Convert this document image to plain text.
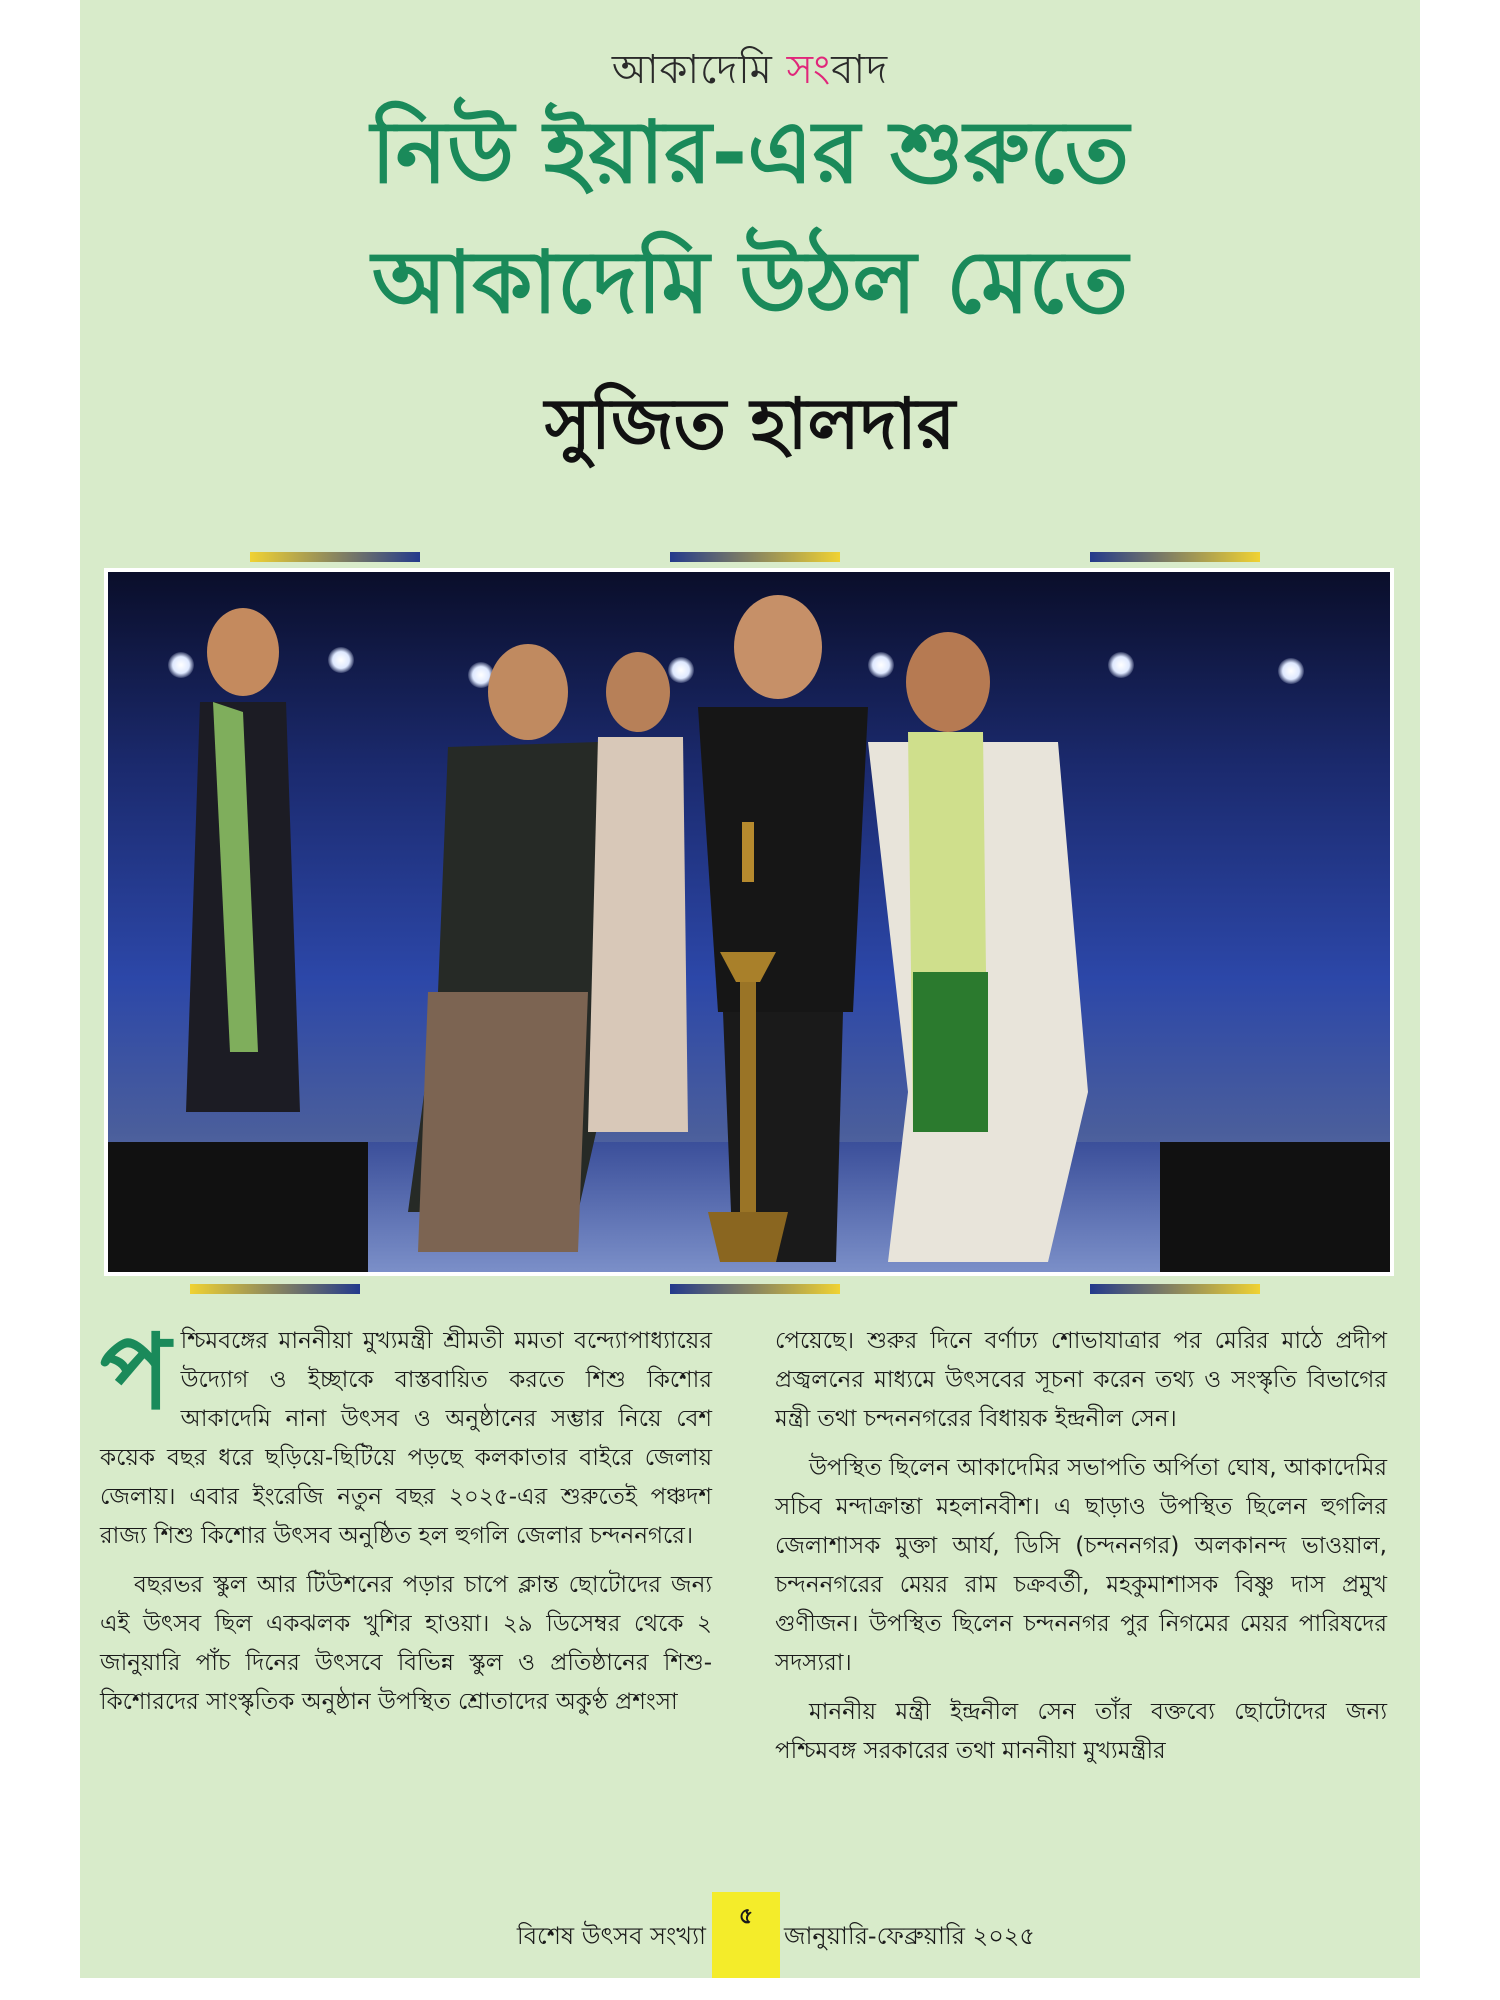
আকাদেমি সংবাদ
নিউ ইয়ার-এর শুরুতে
আকাদেমি উঠল মেতে
সুজিত হালদার

পশ্চিমবঙ্গের মাননীয়া মুখ্যমন্ত্রী শ্রীমতী মমতা বন্দ্যোপাধ্যায়ের উদ্যোগ ও ইচ্ছাকে বাস্তবায়িত করতে শিশু কিশোর আকাদেমি নানা উৎসব ও অনুষ্ঠানের সম্ভার নিয়ে বেশ কয়েক বছর ধরে ছড়িয়ে-ছিটিয়ে পড়ছে কলকাতার বাইরে জেলায় জেলায়। এবার ইংরেজি নতুন বছর ২০২৫-এর শুরুতেই পঞ্চদশ রাজ্য শিশু কিশোর উৎসব অনুষ্ঠিত হল হুগলি জেলার চন্দননগরে।

বছরভর স্কুল আর টিউশনের পড়ার চাপে ক্লান্ত ছোটোদের জন্য এই উৎসব ছিল একঝলক খুশির হাওয়া। ২৯ ডিসেম্বর থেকে ২ জানুয়ারি পাঁচ দিনের উৎসবে বিভিন্ন স্কুল ও প্রতিষ্ঠানের শিশু-কিশোরদের সাংস্কৃতিক অনুষ্ঠান উপস্থিত শ্রোতাদের অকুণ্ঠ প্রশংসা

পেয়েছে। শুরুর দিনে বর্ণাঢ্য শোভাযাত্রার পর মেরির মাঠে প্রদীপ প্রজ্বলনের মাধ্যমে উৎসবের সূচনা করেন তথ্য ও সংস্কৃতি বিভাগের মন্ত্রী তথা চন্দননগরের বিধায়ক ইন্দ্রনীল সেন।

উপস্থিত ছিলেন আকাদেমির সভাপতি অর্পিতা ঘোষ, আকাদেমির সচিব মন্দাক্রান্তা মহলানবীশ। এ ছাড়াও উপস্থিত ছিলেন হুগলির জেলাশাসক মুক্তা আর্য, ডিসি (চন্দননগর) অলকানন্দ ভাওয়াল, চন্দননগরের মেয়র রাম চক্রবর্তী, মহকুমাশাসক বিষ্ণু দাস প্রমুখ গুণীজন। উপস্থিত ছিলেন চন্দননগর পুর নিগমের মেয়র পারিষদের সদস্যরা।

মাননীয় মন্ত্রী ইন্দ্রনীল সেন তাঁর বক্তব্যে ছোটোদের জন্য পশ্চিমবঙ্গ সরকারের তথা মাননীয়া মুখ্যমন্ত্রীর

বিশেষ উৎসব সংখ্যা
৫
জানুয়ারি-ফেব্রুয়ারি ২০২৫
